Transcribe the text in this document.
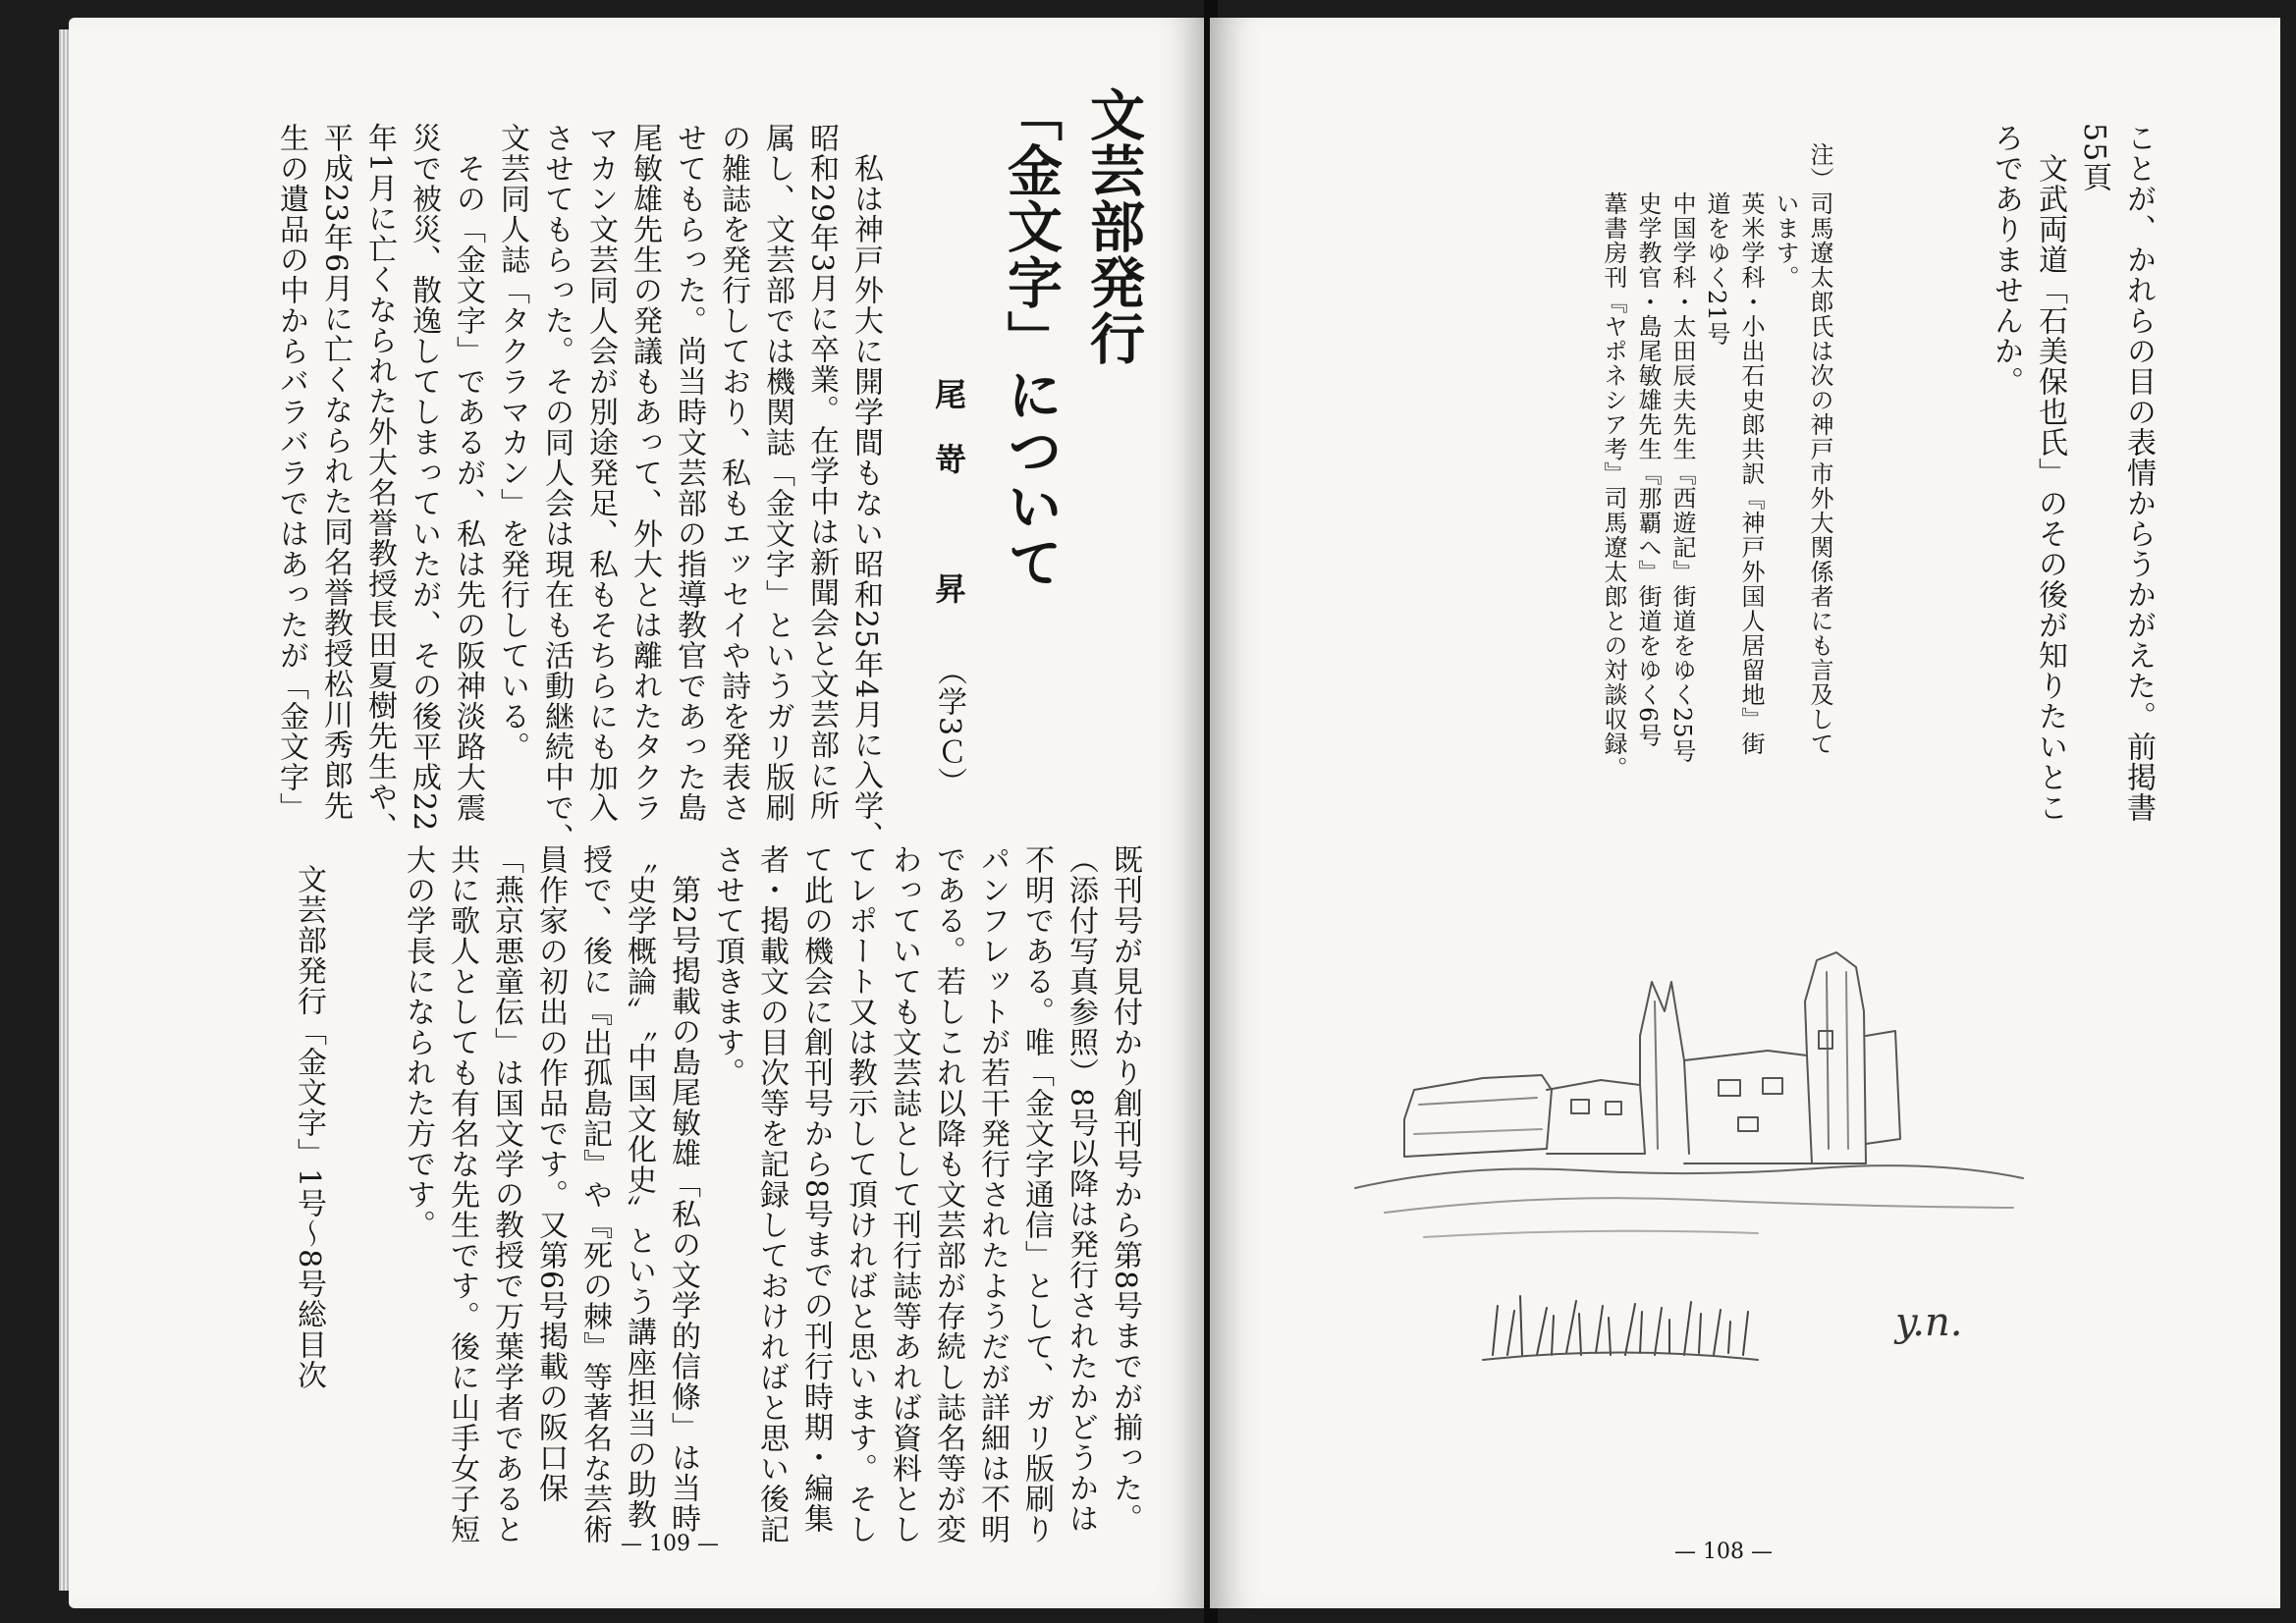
文芸部発行
「金文字」について
尾　嵜　　　昇
（学3Ｃ）
　私は神戸外大に開学間もない昭和25年4月に入学、
昭和29年3月に卒業。在学中は新聞会と文芸部に所
属し、文芸部では機関誌「金文字」というガリ版刷
の雑誌を発行しており、私もエッセイや詩を発表さ
せてもらった。尚当時文芸部の指導教官であった島
尾敏雄先生の発議もあって、外大とは離れたタクラ
マカン文芸同人会が別途発足、私もそちらにも加入
させてもらった。その同人会は現在も活動継続中で、
文芸同人誌「タクラマカン」を発行している。
　その「金文字」であるが、私は先の阪神淡路大震
災で被災、散逸してしまっていたが、その後平成22
年1月に亡くなられた外大名誉教授長田夏樹先生や、
平成23年6月に亡くなられた同名誉教授松川秀郎先
生の遺品の中からバラバラではあったが「金文字」
既刊号が見付かり創刊号から第8号までが揃った。
（添付写真参照）8号以降は発行されたかどうかは
不明である。唯「金文字通信」として、ガリ版刷り
パンフレットが若干発行されたようだが詳細は不明
である。若しこれ以降も文芸部が存続し誌名等が変
わっていても文芸誌として刊行誌等あれば資料とし
てレポート又は教示して頂ければと思います。そし
て此の機会に創刊号から8号までの刊行時期・編集
者・掲載文の目次等を記録しておければと思い後記
させて頂きます。
　第2号掲載の島尾敏雄「私の文学的信條」は当時
〝史学概論〟〝中国文化史〟という講座担当の助教
授で、後に『出孤島記』や『死の棘』等著名な芸術
員作家の初出の作品です。又第6号掲載の阪口保
「燕京悪童伝」は国文学の教授で万葉学者であると
共に歌人としても有名な先生です。後に山手女子短
大の学長になられた方です。
文芸部発行「金文字」1号〜8号総目次
— 109 —
ことが、かれらの目の表情からうかがえた。前掲書
55頁
　文武両道「石美保也氏」のその後が知りたいとこ
ろでありませんか。
注）司馬遼太郎氏は次の神戸市外大関係者にも言及して
　　います。
　　英米学科・小出石史郎共訳『神戸外国人居留地』街
　　道をゆく21号
　　中国学科・太田辰夫先生『西遊記』街道をゆく25号
　　史学教官・島尾敏雄先生『那覇へ』街道をゆく6号
　　葦書房刊『ヤポネシア考』司馬遼太郎との対談収録。
y.n.
— 108 —
